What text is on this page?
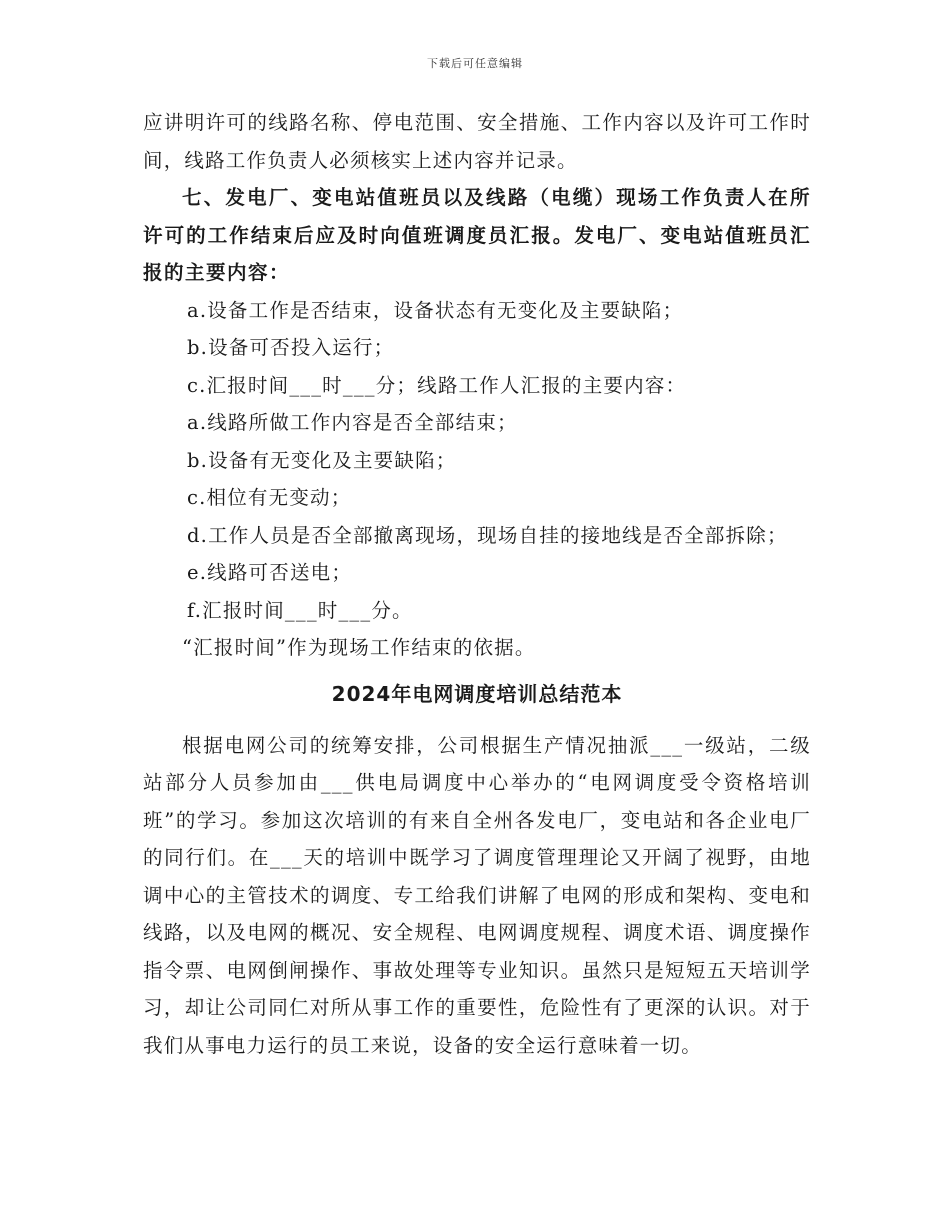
下载后可任意编辑

应讲明许可的线路名称、停电范围、安全措施、工作内容以及许可工作时间，线路工作负责人必须核实上述内容并记录。

七、发电厂、变电站值班员以及线路（电缆）现场工作负责人在所许可的工作结束后应及时向值班调度员汇报。发电厂、变电站值班员汇报的主要内容：

a.设备工作是否结束，设备状态有无变化及主要缺陷；

b.设备可否投入运行；

c.汇报时间___时___分；线路工作人汇报的主要内容：

a.线路所做工作内容是否全部结束；

b.设备有无变化及主要缺陷；

c.相位有无变动；

d.工作人员是否全部撤离现场，现场自挂的接地线是否全部拆除；

e.线路可否送电；

f.汇报时间___时___分。

“汇报时间”作为现场工作结束的依据。

2024年电网调度培训总结范本

根据电网公司的统筹安排，公司根据生产情况抽派___一级站，二级站部分人员参加由___供电局调度中心举办的“电网调度受令资格培训班”的学习。参加这次培训的有来自全州各发电厂，变电站和各企业电厂的同行们。在___天的培训中既学习了调度管理理论又开阔了视野，由地调中心的主管技术的调度、专工给我们讲解了电网的形成和架构、变电和线路，以及电网的概况、安全规程、电网调度规程、调度术语、调度操作指令票、电网倒闸操作、事故处理等专业知识。虽然只是短短五天培训学习，却让公司同仁对所从事工作的重要性，危险性有了更深的认识。对于我们从事电力运行的员工来说，设备的安全运行意味着一切。
